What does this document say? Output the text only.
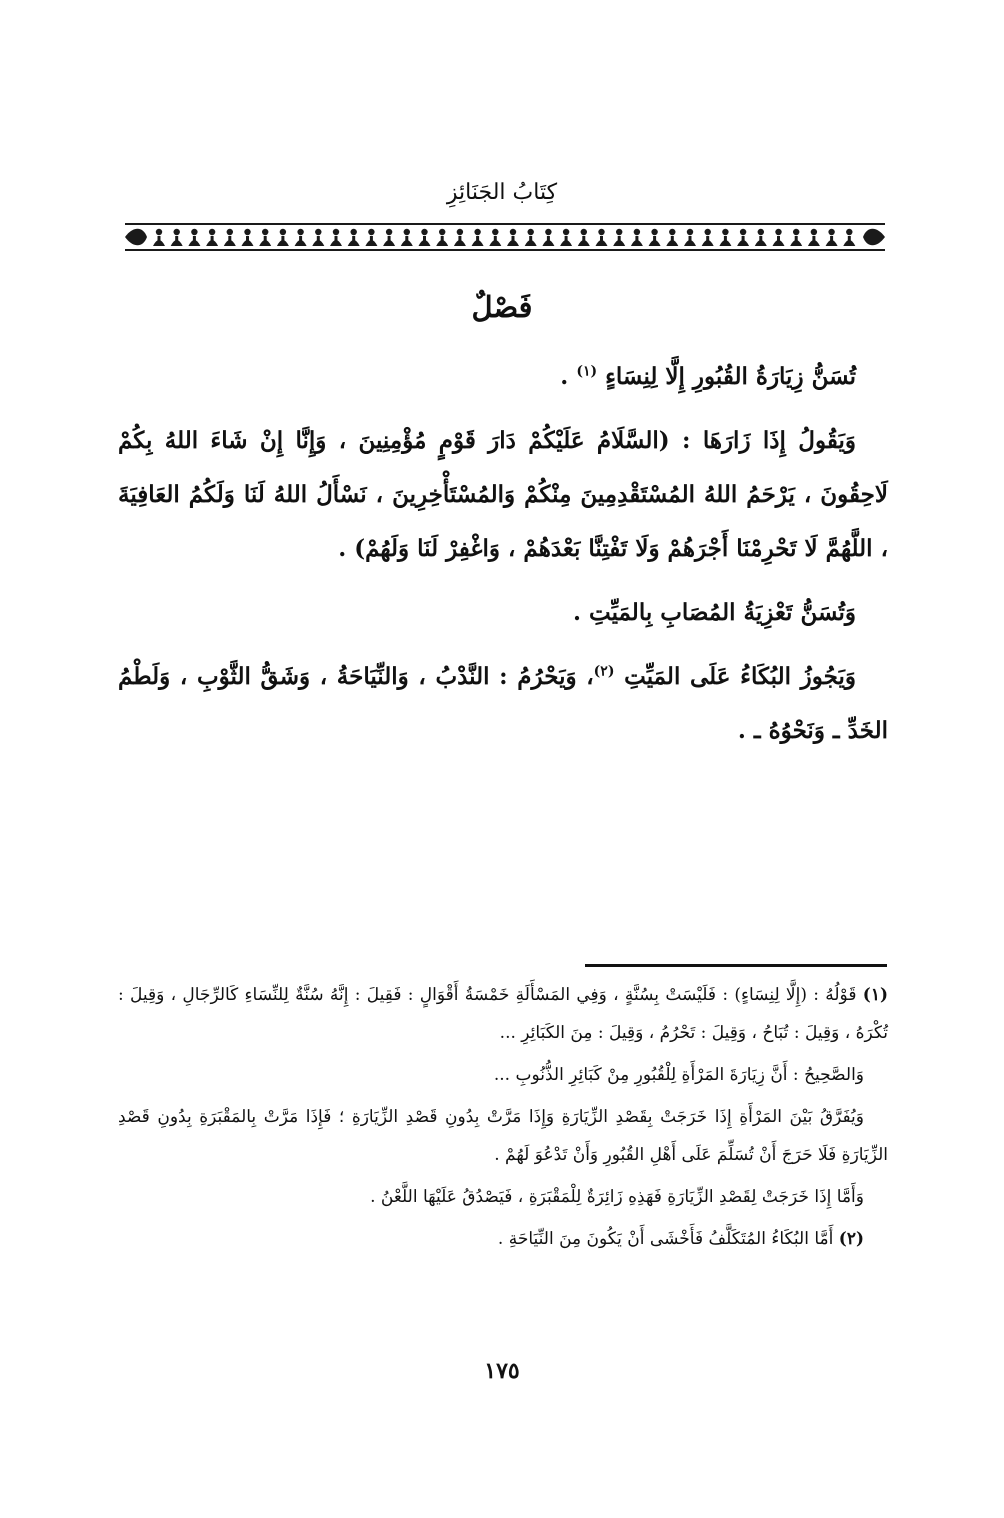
كِتَابُ الجَنَائِزِ
فَصْلٌ

تُسَنُّ زِيَارَةُ القُبُورِ إِلَّا لِنِسَاءٍ $^{(١)}$ .

وَيَقُولُ إِذَا زَارَهَا : (السَّلَامُ عَلَيْكُمْ دَارَ قَوْمٍ مُؤْمِنِينَ ، وَإِنَّا إِنْ شَاءَ اللهُ بِكُمْ لَاحِقُونَ ، يَرْحَمُ اللهُ المُسْتَقْدِمِينَ مِنْكُمْ وَالمُسْتَأْخِرِينَ ، نَسْأَلُ اللهُ لَنَا وَلَكُمُ العَافِيَةَ ، اللَّهُمَّ لَا تَحْرِمْنَا أَجْرَهُمْ وَلَا تَفْتِنَّا بَعْدَهُمْ ، وَاغْفِرْ لَنَا وَلَهُمْ) .

وَتُسَنُّ تَعْزِيَةُ المُصَابِ بِالمَيِّتِ .

وَيَجُوزُ البُكَاءُ عَلَى المَيِّتِ $^{(٢)}$، وَيَحْرُمُ : النَّدْبُ ، وَالنِّيَاحَةُ ، وَشَقُّ الثَّوْبِ ، وَلَطْمُ الخَدِّ ـ وَنَحْوُهُ ـ .

(١) قَوْلُهُ : (إِلَّا لِنِسَاءٍ) : فَلَيْسَتْ بِسُنَّةٍ ، وَفِي المَسْأَلَةِ خَمْسَةُ أَقْوَالٍ : فَقِيلَ : إِنَّهُ سُنَّةٌ لِلنِّسَاءِ كَالرِّجَالِ ، وَقِيلَ : تُكْرَهُ ، وَقِيلَ : تُبَاحُ ، وَقِيلَ : تَحْرُمُ ، وَقِيلَ : مِنَ الكَبَائِرِ ...

وَالصَّحِيحُ : أَنَّ زِيَارَةَ المَرْأَةِ لِلْقُبُورِ مِنْ كَبَائِرِ الذُّنُوبِ ...

وَيُفَرَّقُ بَيْنَ المَرْأَةِ إِذَا خَرَجَتْ بِقَصْدِ الزِّيَارَةِ وَإِذَا مَرَّتْ بِدُونِ قَصْدِ الزِّيَارَةِ ؛ فَإِذَا مَرَّتْ بِالمَقْبَرَةِ بِدُونِ قَصْدِ الزِّيَارَةِ فَلَا حَرَجَ أَنْ تُسَلِّمَ عَلَى أَهْلِ القُبُورِ وَأَنْ تَدْعُوَ لَهُمْ .

وَأَمَّا إِذَا خَرَجَتْ لِقَصْدِ الزِّيَارَةِ فَهَذِهِ زَائِرَةٌ لِلْمَقْبَرَةِ ، فَيَصْدُقُ عَلَيْهَا اللَّعْنُ .

(٢) أَمَّا البُكَاءُ المُتَكَلَّفُ فَأَخْشَى أَنْ يَكُونَ مِنَ النِّيَاحَةِ .

١٧٥
